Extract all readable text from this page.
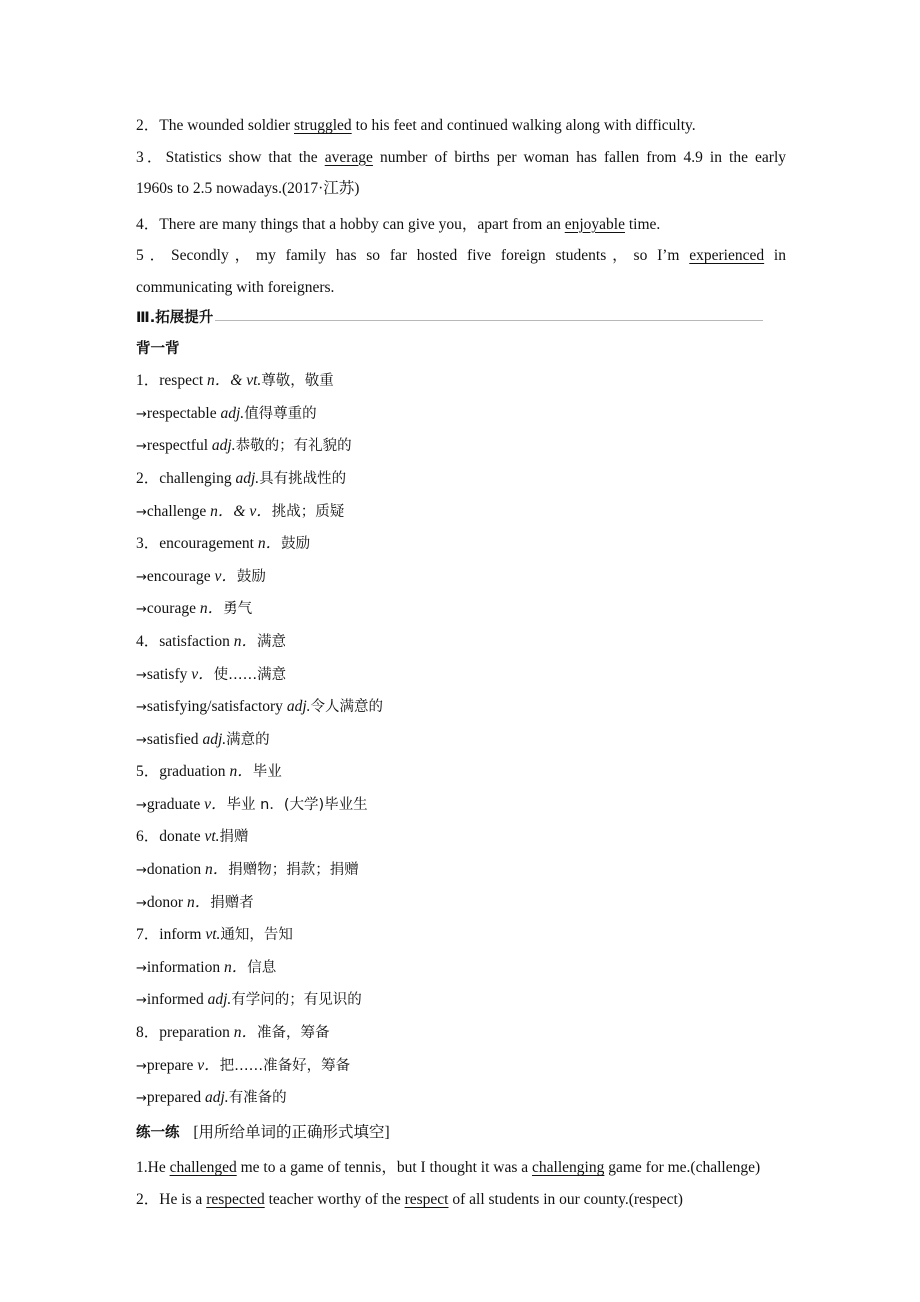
2．The wounded soldier struggled to his feet and continued walking along with difficulty.
3．Statistics show that the average number of births per woman has fallen from 4.9 in the early
1960s to 2.5 nowadays.(2017·江苏)
4．There are many things that a hobby can give you，apart from an enjoyable time.
5．Secondly，my family has so far hosted five foreign students，so I’m experienced in
communicating with foreigners.
Ⅲ.拓展提升
背一背
1．respect n．& vt.尊敬，敬重
→respectable adj.值得尊重的
→respectful adj.恭敬的；有礼貌的
2．challenging adj.具有挑战性的
→challenge n．& v．挑战；质疑
3．encouragement n．鼓励
→encourage v．鼓励
→courage n．勇气
4．satisfaction n．满意
→satisfy v．使……满意
→satisfying/satisfactory adj.令人满意的
→satisfied adj.满意的
5．graduation n．毕业
→graduate v．毕业 n．(大学)毕业生
6．donate vt.捐赠
→donation n．捐赠物；捐款；捐赠
→donor n．捐赠者
7．inform vt.通知，告知
→information n．信息
→informed adj.有学问的；有见识的
8．preparation n．准备，筹备
→prepare v．把……准备好，筹备
→prepared adj.有准备的
练一练 [用所给单词的正确形式填空]
1.He challenged me to a game of tennis，but I thought it was a challenging game for me.(challenge)
2．He is a respected teacher worthy of the respect of all students in our county.(respect)
